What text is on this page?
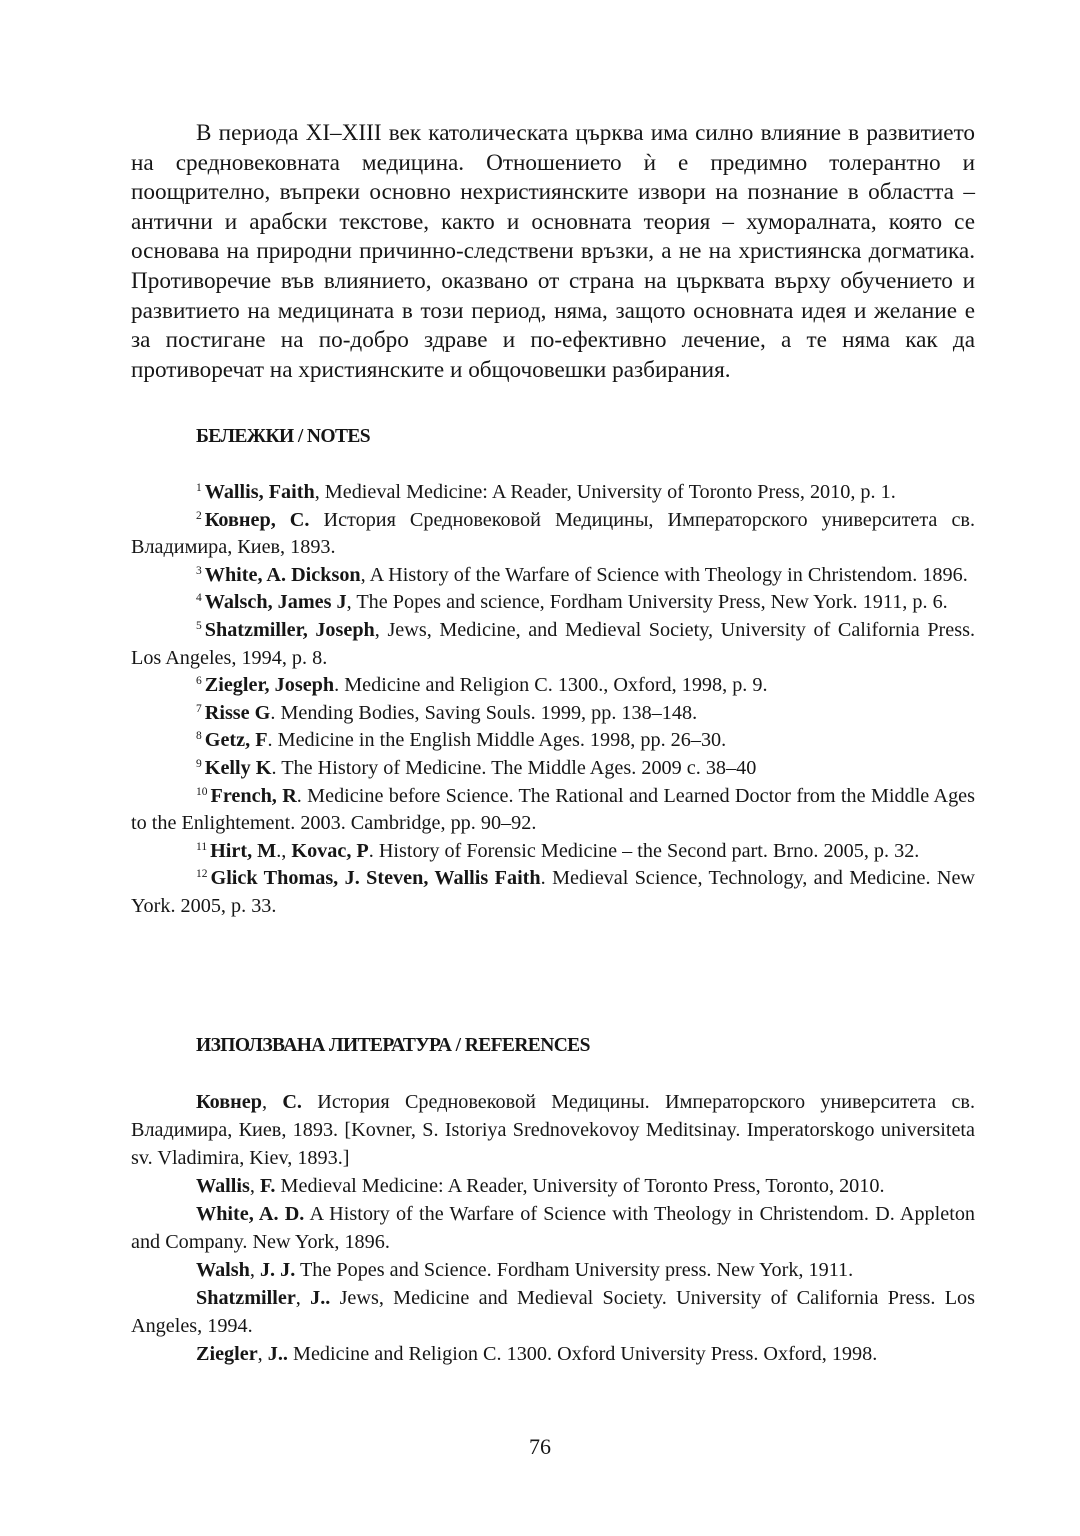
В периода XI–XIII век католическата църква има силно влияние в развитието на средновековната медицина. Отношението ѝ е предимно толерантно и поощрително, въпреки основно нехристиянските извори на познание в областта – антични и арабски текстове, както и основната теория – хуморалната, която се основава на природни причинно-следствени връзки, а не на християнска догматика. Противоречие във влиянието, оказвано от страна на църквата върху обучението и развитието на медицината в този период, няма, защото основната идея и желание е за постигане на по-добро здраве и по-ефективно лечение, а те няма как да противоречат на християнските и общочовешки разбирания.

БЕЛЕЖКИ / NOTES

$^1$ Wallis, Faith, Medieval Medicine: A Reader, University of Toronto Press, 2010, p. 1.

$^2$ Ковнер, С. История Средновековой Медицины, Императорского университета св. Владимира, Киев, 1893.

$^3$ White, A. Dickson, A History of the Warfare of Science with Theology in Christendom. 1896.

$^4$ Walsch, James J, The Popes and science, Fordham University Press, New York. 1911, p. 6.

$^5$ Shatzmiller, Joseph, Jews, Medicine, and Medieval Society, University of California Press. Los Angeles, 1994, p. 8.

$^6$ Ziegler, Joseph. Medicine and Religion C. 1300., Oxford, 1998, p. 9.

$^7$ Risse G. Mending Bodies, Saving Souls. 1999, pp. 138–148.

$^8$ Getz, F. Medicine in the English Middle Ages. 1998, pp. 26–30.

$^9$ Kelly K. The History of Medicine. The Middle Ages. 2009 c. 38–40

$^{10}$ French, R. Medicine before Science. The Rational and Learned Doctor from the Middle Ages to the Enlightement. 2003. Cambridge, pp. 90–92.

$^{11}$ Hirt, M., Kovac, P. History of Forensic Medicine – the Second part. Brno. 2005, p. 32.

$^{12}$ Glick Thomas, J. Steven, Wallis Faith. Medieval Science, Technology, and Medicine. New York. 2005, p. 33.

ИЗПОЛЗВАНА ЛИТЕРАТУРА / REFERENCES

Ковнер, С. История Средновековой Медицины. Императорского университета св. Владимира, Киев, 1893. [Kovner, S. Istoriya Srednovekovoy Meditsinay. Imperatorskogo universiteta sv. Vladimira, Kiev, 1893.]

Wallis, F. Medieval Medicine: A Reader, University of Toronto Press, Toronto, 2010.

White, A. D. A History of the Warfare of Science with Theology in Christendom. D. Appleton and Company. New York, 1896.

Walsh, J. J. The Popes and Science. Fordham University press. New York, 1911.

Shatzmiller, J.. Jews, Medicine and Medieval Society. University of California Press. Los Angeles, 1994.

Ziegler, J.. Medicine and Religion C. 1300. Oxford University Press. Oxford, 1998.

76
